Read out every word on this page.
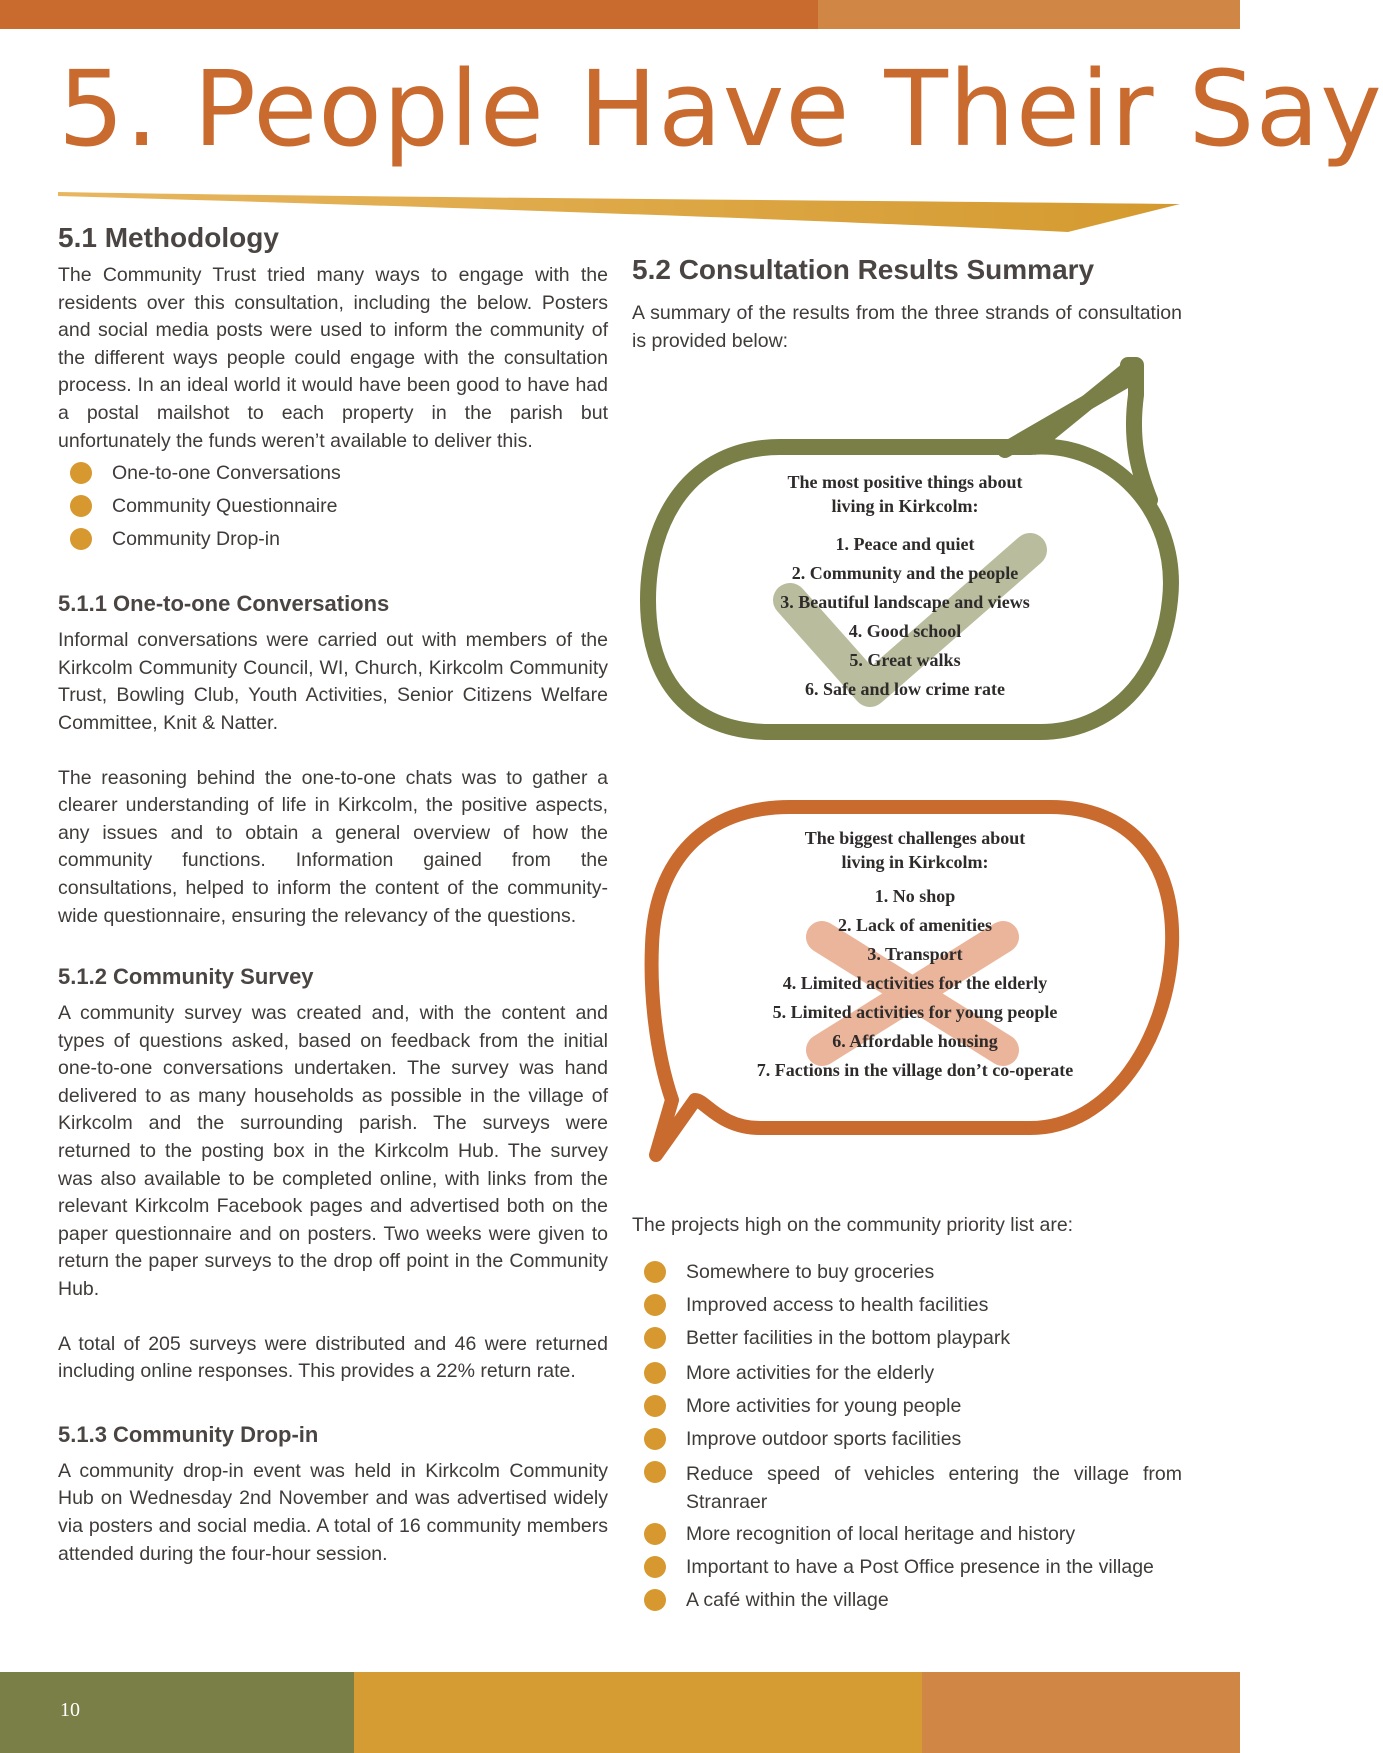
5. People Have Their Say
5.1 Methodology

The Community Trust tried many ways to engage with the residents over this consultation, including the below. Posters and social media posts were used to inform the community of the different ways people could engage with the consultation process. In an ideal world it would have been good to have had a postal mailshot to each property in the parish but unfortunately the funds weren’t available to deliver this.

One-to-one Conversations
Community Questionnaire
Community Drop-in
5.1.1 One-to-one Conversations

Informal conversations were carried out with members of the Kirkcolm Community Council, WI, Church, Kirkcolm Community Trust, Bowling Club, Youth Activities, Senior Citizens Welfare Committee, Knit & Natter.

The reasoning behind the one-to-one chats was to gather a clearer understanding of life in Kirkcolm, the positive aspects, any issues and to obtain a general overview of how the community functions. Information gained from the consultations, helped to inform the content of the community-wide questionnaire, ensuring the relevancy of the questions.

5.1.2 Community Survey

A community survey was created and, with the content and types of questions asked, based on feedback from the initial one-to-one conversations undertaken. The survey was hand delivered to as many households as possible in the village of Kirkcolm and the surrounding parish. The surveys were returned to the posting box in the Kirkcolm Hub. The survey was also available to be completed online, with links from the relevant Kirkcolm Facebook pages and advertised both on the paper questionnaire and on posters. Two weeks were given to return the paper surveys to the drop off point in the Community Hub.

A total of 205 surveys were distributed and 46 were returned including online responses. This provides a 22% return rate.

5.1.3 Community Drop-in

A community drop-in event was held in Kirkcolm Community Hub on Wednesday 2nd November and was advertised widely via posters and social media. A total of 16 community members attended during the four-hour session.

5.2 Consultation Results Summary

A summary of the results from the three strands of consultation is provided below:

The most positive things about
living in Kirkcolm:
1. Peace and quiet
2. Community and the people
3. Beautiful landscape and views
4. Good school
5. Great walks
6. Safe and low crime rate
The biggest challenges about
living in Kirkcolm:
1. No shop
2. Lack of amenities
3. Transport
4. Limited activities for the elderly
5. Limited activities for young people
6. Affordable housing
7. Factions in the village don’t co-operate

The projects high on the community priority list are:

Somewhere to buy groceries
Improved access to health facilities
Better facilities in the bottom playpark
More activities for the elderly
More activities for young people
Improve outdoor sports facilities
Reduce speed of vehicles entering the village from Stranraer
More recognition of local heritage and history
Important to have a Post Office presence in the village
A café within the village
10
